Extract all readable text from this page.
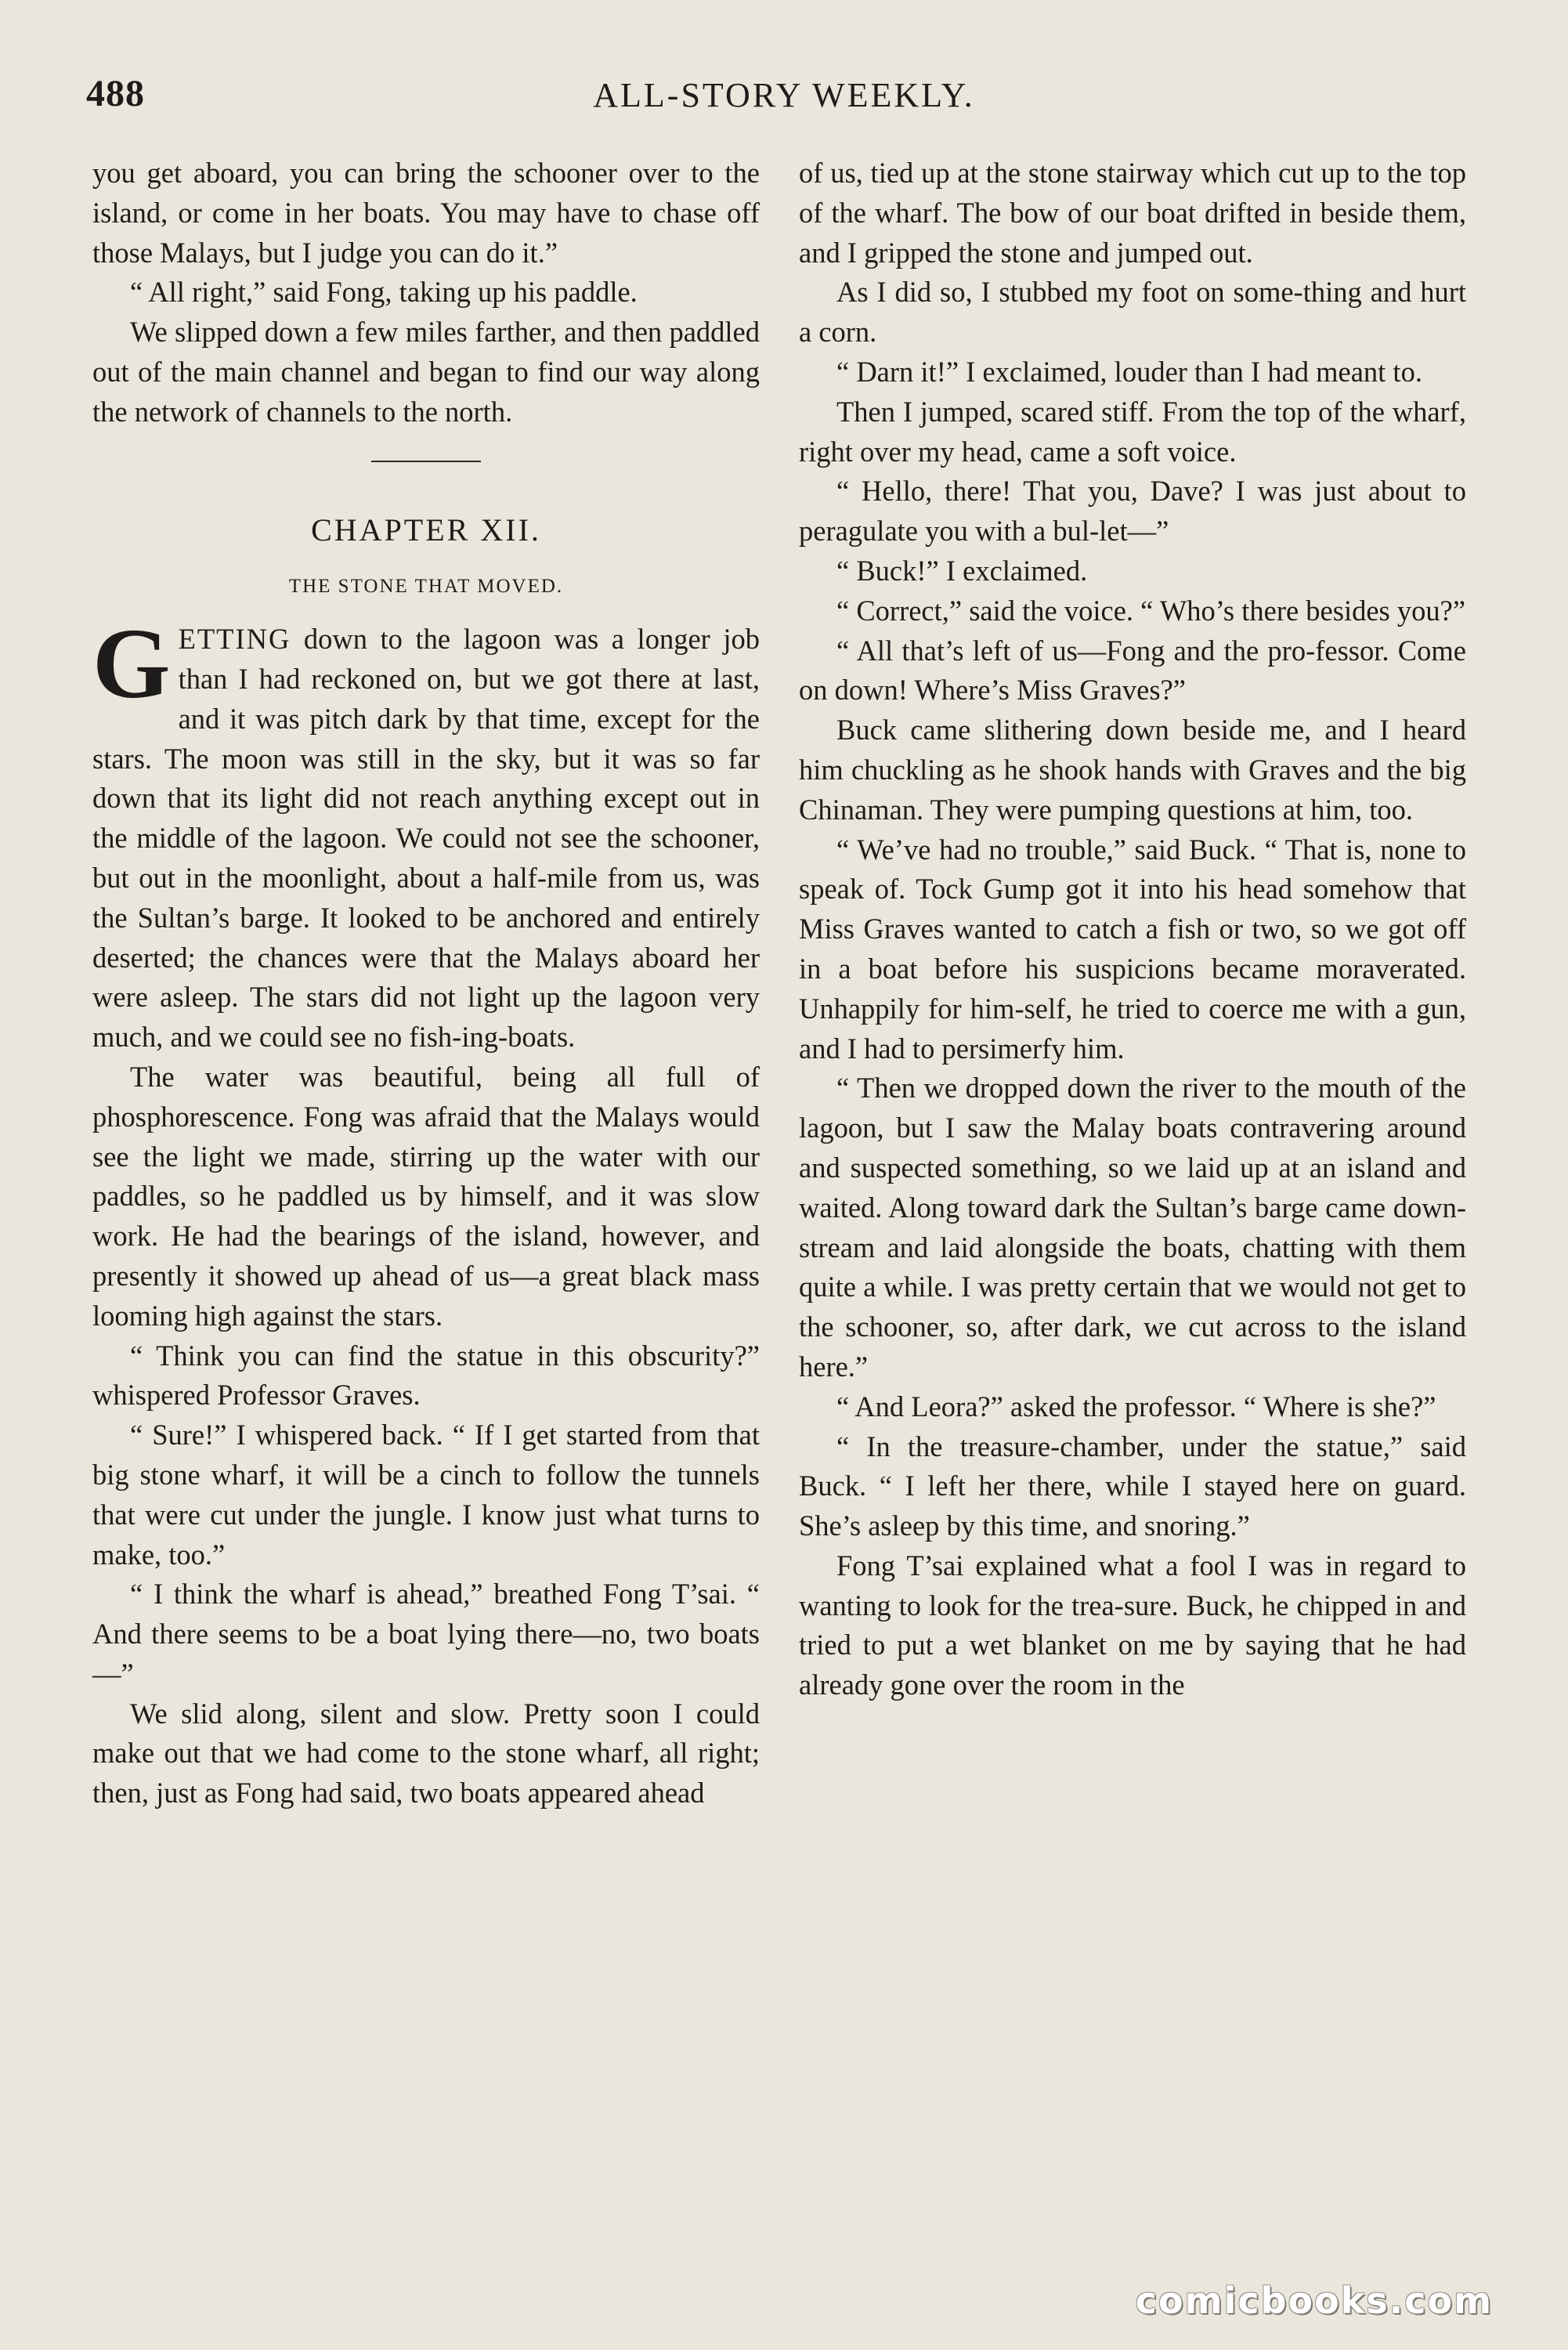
488	ALL-STORY WEEKLY.

you get aboard, you can bring the schooner over to the island, or come in her boats. You may have to chase off those Malays, but I judge you can do it.”

“ All right,” said Fong, taking up his paddle.

We slipped down a few miles farther, and then paddled out of the main channel and began to find our way along the network of channels to the north.

CHAPTER XII.

THE STONE THAT MOVED.

GETTING down to the lagoon was a longer job than I had reckoned on, but we got there at last, and it was pitch dark by that time, except for the stars. The moon was still in the sky, but it was so far down that its light did not reach anything except out in the middle of the lagoon. We could not see the schooner, but out in the moonlight, about a half-mile from us, was the Sultan’s barge. It looked to be anchored and entirely deserted; the chances were that the Malays aboard her were asleep. The stars did not light up the lagoon very much, and we could see no fish-ing-boats.

The water was beautiful, being all full of phosphorescence. Fong was afraid that the Malays would see the light we made, stirring up the water with our paddles, so he paddled us by himself, and it was slow work. He had the bearings of the island, however, and presently it showed up ahead of us—a great black mass looming high against the stars.

“ Think you can find the statue in this obscurity?” whispered Professor Graves.

“ Sure!” I whispered back. “ If I get started from that big stone wharf, it will be a cinch to follow the tunnels that were cut under the jungle. I know just what turns to make, too.”

“ I think the wharf is ahead,” breathed Fong T’sai. “ And there seems to be a boat lying there—no, two boats—”

We slid along, silent and slow. Pretty soon I could make out that we had come to the stone wharf, all right; then, just as Fong had said, two boats appeared ahead

of us, tied up at the stone stairway which cut up to the top of the wharf. The bow of our boat drifted in beside them, and I gripped the stone and jumped out.

As I did so, I stubbed my foot on some-thing and hurt a corn.

“ Darn it!” I exclaimed, louder than I had meant to.

Then I jumped, scared stiff. From the top of the wharf, right over my head, came a soft voice.

“ Hello, there! That you, Dave? I was just about to peragulate you with a bul-let—”

“ Buck!” I exclaimed.

“ Correct,” said the voice. “ Who’s there besides you?”

“ All that’s left of us—Fong and the pro-fessor. Come on down! Where’s Miss Graves?”

Buck came slithering down beside me, and I heard him chuckling as he shook hands with Graves and the big Chinaman. They were pumping questions at him, too.

“ We’ve had no trouble,” said Buck. “ That is, none to speak of. Tock Gump got it into his head somehow that Miss Graves wanted to catch a fish or two, so we got off in a boat before his suspicions became moraverated. Unhappily for him-self, he tried to coerce me with a gun, and I had to persimerfy him.

“ Then we dropped down the river to the mouth of the lagoon, but I saw the Malay boats contravering around and suspected something, so we laid up at an island and waited. Along toward dark the Sultan’s barge came down-stream and laid alongside the boats, chatting with them quite a while. I was pretty certain that we would not get to the schooner, so, after dark, we cut across to the island here.”

“ And Leora?” asked the professor. “ Where is she?”

“ In the treasure-chamber, under the statue,” said Buck. “ I left her there, while I stayed here on guard. She’s asleep by this time, and snoring.”

Fong T’sai explained what a fool I was in regard to wanting to look for the trea-sure. Buck, he chipped in and tried to put a wet blanket on me by saying that he had already gone over the room in the

comicbooks.com
